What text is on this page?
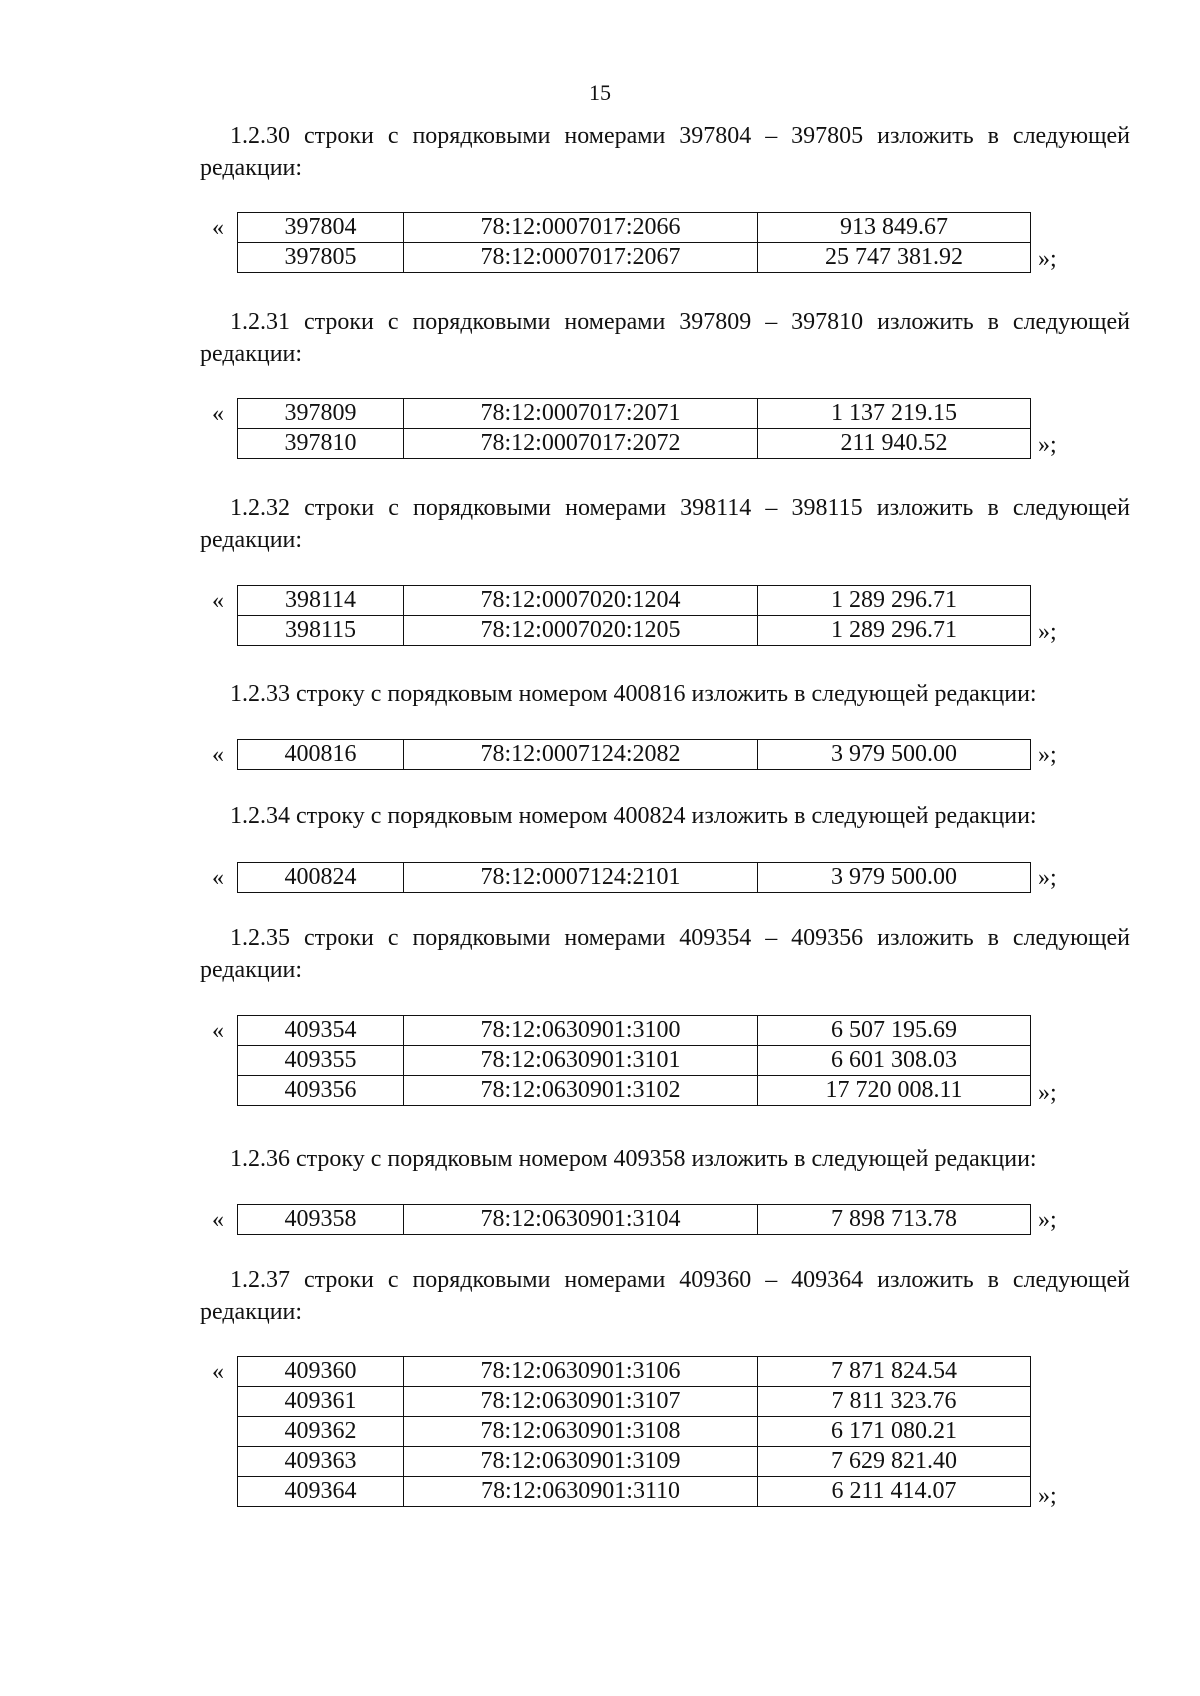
15

1.2.30 строки с порядковыми номерами 397804 – 397805 изложить в следующей редакции:

«	397804	78:12:0007017:2066	913 849.67
397805	78:12:0007017:2067	25 747 381.92	»;

1.2.31 строки с порядковыми номерами 397809 – 397810 изложить в следующей редакции:

«	397809	78:12:0007017:2071	1 137 219.15
397810	78:12:0007017:2072	211 940.52	»;

1.2.32 строки с порядковыми номерами 398114 – 398115 изложить в следующей редакции:

«	398114	78:12:0007020:1204	1 289 296.71
398115	78:12:0007020:1205	1 289 296.71	»;

1.2.33 строку с порядковым номером 400816 изложить в следующей редакции:

«	400816	78:12:0007124:2082	3 979 500.00	»;

1.2.34 строку с порядковым номером 400824 изложить в следующей редакции:

«	400824	78:12:0007124:2101	3 979 500.00	»;

1.2.35 строки с порядковыми номерами 409354 – 409356 изложить в следующей редакции:

«	409354	78:12:0630901:3100	6 507 195.69
409355	78:12:0630901:3101	6 601 308.03
409356	78:12:0630901:3102	17 720 008.11	»;

1.2.36 строку с порядковым номером 409358 изложить в следующей редакции:

«	409358	78:12:0630901:3104	7 898 713.78	»;

1.2.37 строки с порядковыми номерами 409360 – 409364 изложить в следующей редакции:

«	409360	78:12:0630901:3106	7 871 824.54
409361	78:12:0630901:3107	7 811 323.76
409362	78:12:0630901:3108	6 171 080.21
409363	78:12:0630901:3109	7 629 821.40
409364	78:12:0630901:3110	6 211 414.07	»;
